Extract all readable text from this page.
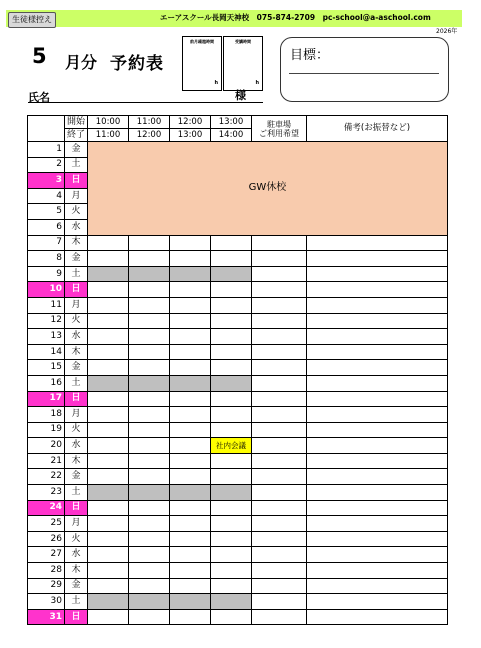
生徒様控え	エーアスクール長岡天神校　075-874-2709　pc-school@a-aschool.com
2026年
5 月分 予約表
前月繰越時間
h
受講時間
h
目標：
氏名	様
	開始	10:00	11:00	12:00	13:00	駐車場
ご利用希望	備考(お振替など)
	終了	11:00	12:00	13:00	14:00		
1	金	GW休校					
2	土						
3	日						
4	月						
5	火						
6	水						
7	木						
8	金						
9	土						
10	日						
11	月						
12	火						
13	水						
14	木						
15	金						
16	土						
17	日						
18	月						
19	火						
20	水				社内会議		
21	木						
22	金						
23	土						
24	日						
25	月						
26	火						
27	水						
28	木						
29	金						
30	土						
31	日						
